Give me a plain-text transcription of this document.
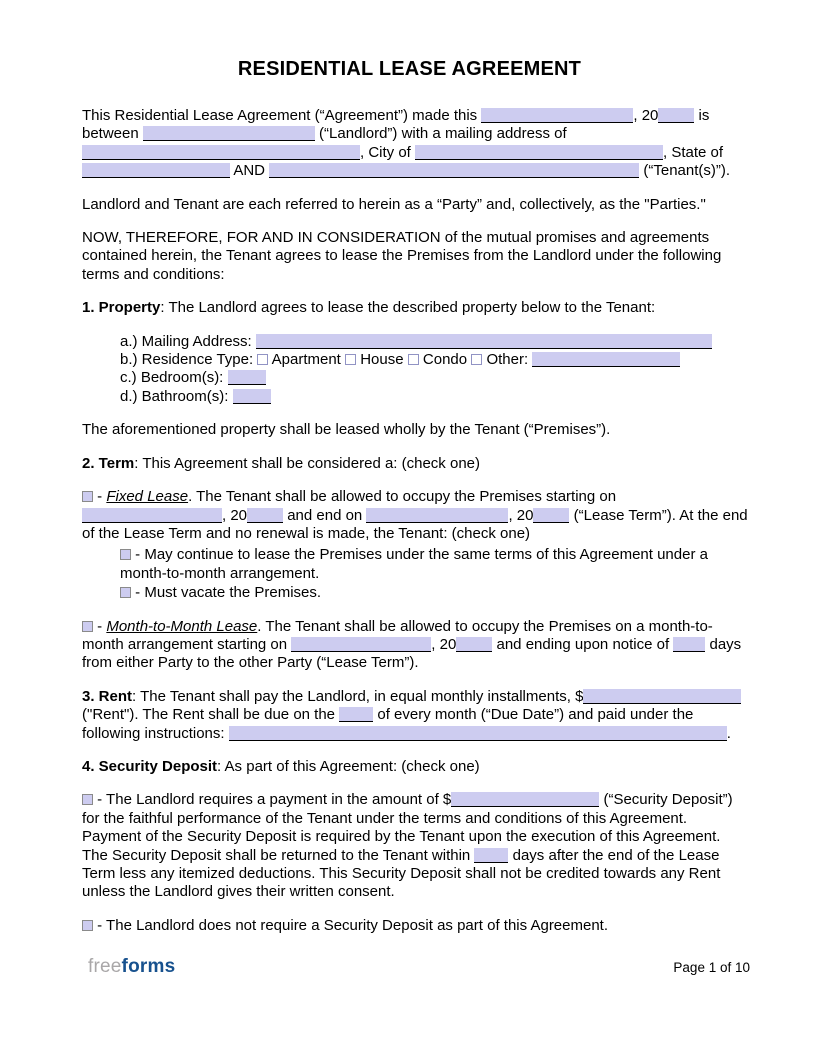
RESIDENTIAL LEASE AGREEMENT

This Residential Lease Agreement (“Agreement”) made this	, 20 is
between	(“Landlord”) with a mailing address of
, City of	, State of
AND	(“Tenant(s)”).

Landlord and Tenant are each referred to herein as a “Party” and, collectively, as the "Parties."

NOW, THEREFORE, FOR AND IN CONSIDERATION of the mutual promises and agreements
contained herein, the Tenant agrees to lease the Premises from the Landlord under the following
terms and conditions:

1. Property: The Landlord agrees to lease the described property below to the Tenant:

a.) Mailing Address:
b.) Residence Type:  Apartment  House  Condo  Other:
c.) Bedroom(s):
d.) Bathroom(s):

The aforementioned property shall be leased wholly by the Tenant (“Premises”).

2. Term: This Agreement shall be considered a: (check one)

- Fixed Lease. The Tenant shall be allowed to occupy the Premises starting on
, 20 and end on	, 20 (“Lease Term”). At the end
of the Lease Term and no renewal is made, the Tenant: (check one)

- May continue to lease the Premises under the same terms of this Agreement under a
month-to-month arrangement.

- Must vacate the Premises.

- Month-to-Month Lease. The Tenant shall be allowed to occupy the Premises on a month-to-
month arrangement starting on	, 20 and ending upon notice of  days
from either Party to the other Party (“Lease Term”).

3. Rent: The Tenant shall pay the Landlord, in equal monthly installments, $
("Rent"). The Rent shall be due on the  of every month (“Due Date”) and paid under the
following instructions:	.

4. Security Deposit: As part of this Agreement: (check one)

- The Landlord requires a payment in the amount of $	(“Security Deposit”)
for the faithful performance of the Tenant under the terms and conditions of this Agreement.
Payment of the Security Deposit is required by the Tenant upon the execution of this Agreement.
The Security Deposit shall be returned to the Tenant within  days after the end of the Lease
Term less any itemized deductions. This Security Deposit shall not be credited towards any Rent
unless the Landlord gives their written consent.

- The Landlord does not require a Security Deposit as part of this Agreement.

freeforms	Page 1 of 10
